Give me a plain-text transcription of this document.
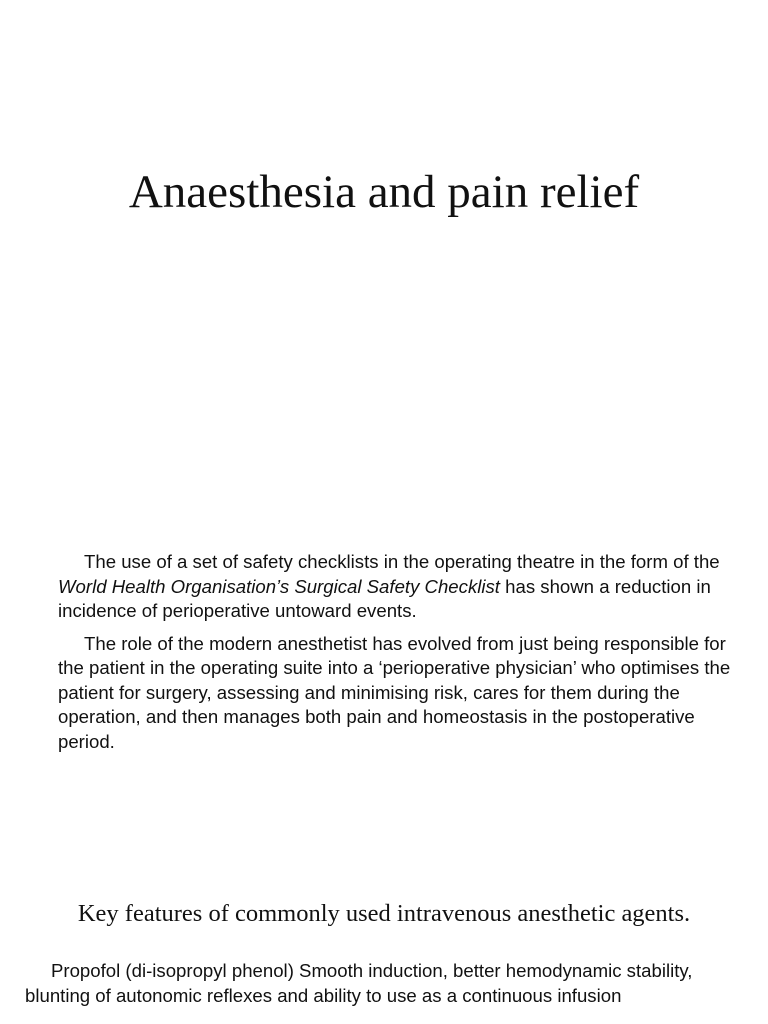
Anaesthesia and pain relief

The use of a set of safety checklists in the operating theatre in the form of the World Health Organisation’s Surgical Safety Checklist has shown a reduction in incidence of perioperative untoward events.

The role of the modern anesthetist has evolved from just being responsible for the patient in the operating suite into a ‘perioperative physician’ who optimises the patient for surgery, assessing and minimising risk, cares for them during the operation, and then manages both pain and homeostasis in the postoperative period.

Key features of commonly used intravenous anesthetic agents.

Propofol (di-isopropyl phenol) Smooth induction, better hemodynamic stability, blunting of autonomic reflexes and ability to use as a continuous infusion
